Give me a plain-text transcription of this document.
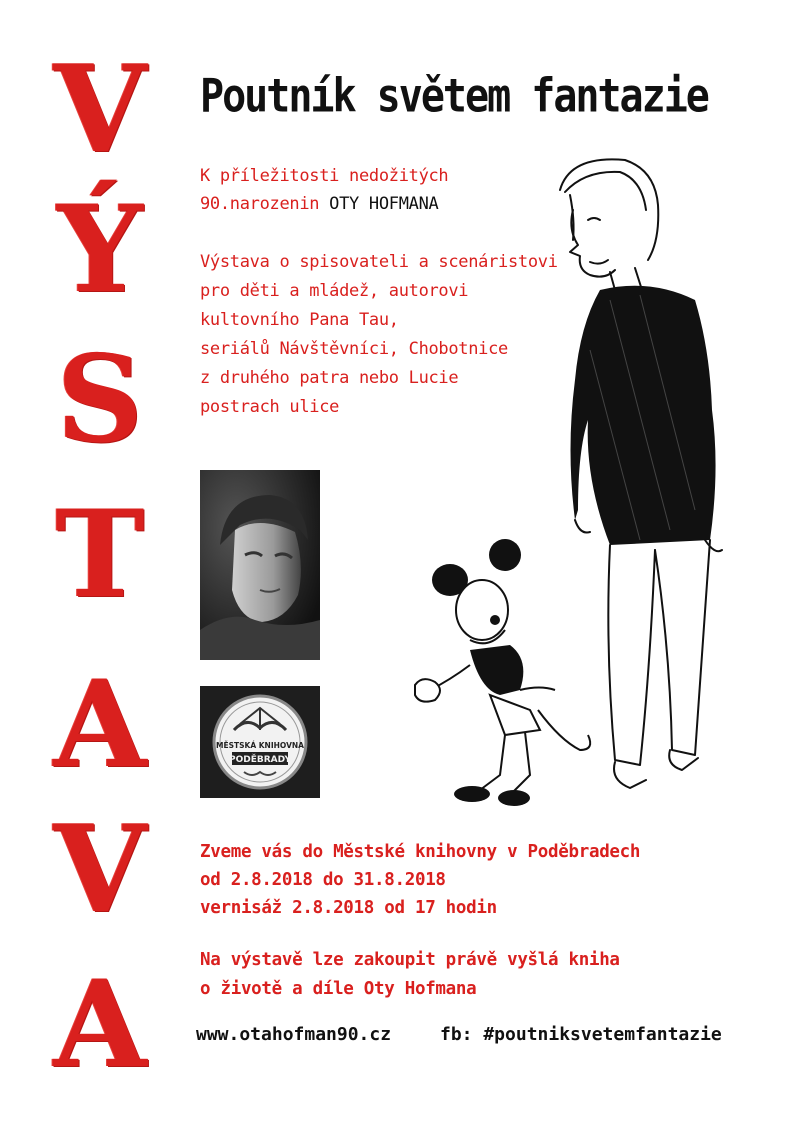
V
Ý
S
T
A
V
A
Poutník světem fantazie
K příležitosti nedožitých
90.narozenin OTY HOFMANA
Výstava o spisovateli a scenáristovi
pro děti a mládež, autorovi
kultovního Pana Tau,
seriálů Návštěvníci, Chobotnice
z druhého patra nebo Lucie
postrach ulice
MĚSTSKÁ KNIHOVNA
PODĚBRADY
Zveme vás do Městské knihovny v Poděbradech
od 2.8.2018 do 31.8.2018
vernisáž 2.8.2018 od 17 hodin
Na výstavě lze zakoupit právě vyšlá kniha
o životě a díle Oty Hofmana
www.otahofman90.cz	fb: #poutniksvetemfantazie
